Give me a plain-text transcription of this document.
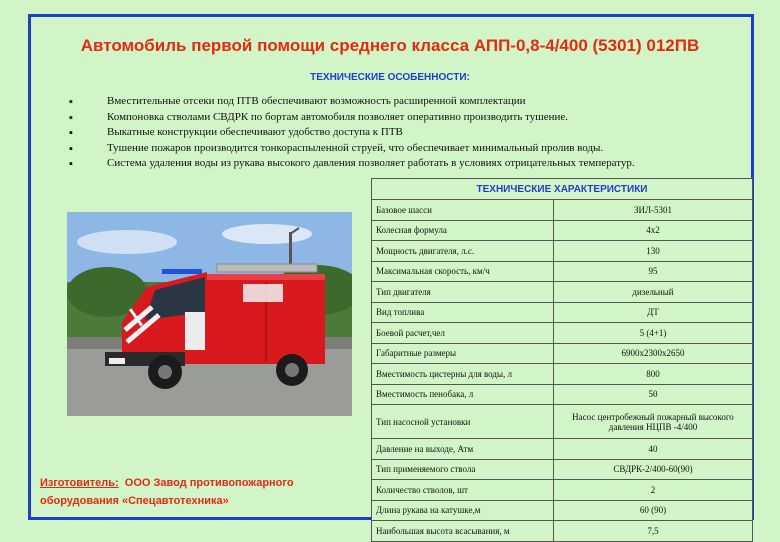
Автомобиль первой помощи среднего класса АПП-0,8-4/400 (5301) 012ПВ
ТЕХНИЧЕСКИЕ ОСОБЕННОСТИ:
▪	Вместительные отсеки под ПТВ обеспечивают возможность расширенной комплектации
▪	Компоновка стволами СВДРК по бортам автомобиля позволяет оперативно производить тушение.
▪	Выкатные конструкции обеспечивают удобство доступа к ПТВ
▪	Тушение пожаров производится тонкораспыленной струей, что обеспечивает минимальный пролив воды.
▪	Система удаления воды из рукава высокого давления позволяет работать в условиях отрицательных температур.
Изготовитель: ООО Завод противопожарного
оборудования «Спецавтотехника»
ТЕХНИЧЕСКИЕ ХАРАКТЕРИСТИКИ	
Базовое шасси	ЗИЛ-5301
Колесная формула	4х2
Мощность двигателя, л.с.	130
Максимальная скорость, км/ч	95
Тип двигателя	дизельный
Вид топлива	ДТ
Боевой расчет,чел	5 (4+1)
Габаритные размеры	6900х2300х2650
Вместимость цистерны для воды, л	800
Вместимость пенобака, л	50
Тип насосной установки	Насос центробежный пожарный высокого давления НЦПВ -4/400
Давление на выходе, Атм	40
Тип применяемого ствола	СВДРК-2/400-60(90)
Количество стволов, шт	2
Длина рукава на катушке,м	60 (90)
Наибольшая высота всасывания, м	7,5
